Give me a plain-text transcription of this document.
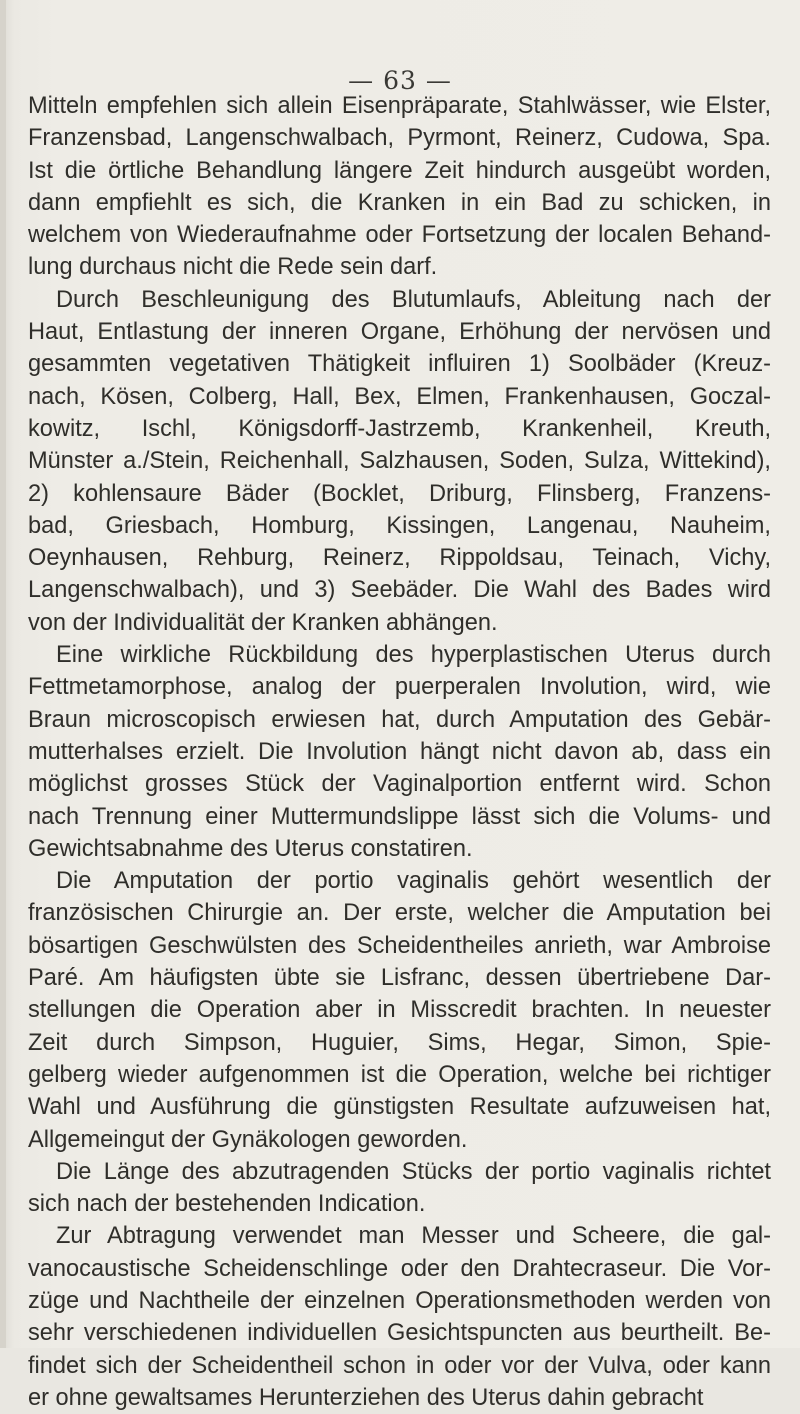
— 63 —
Mitteln empfehlen sich allein Eisenpräparate, Stahlwässer, wie Elster,
Franzensbad, Langenschwalbach, Pyrmont, Reinerz, Cudowa, Spa.
Ist die örtliche Behandlung längere Zeit hindurch ausgeübt worden,
dann empfiehlt es sich, die Kranken in ein Bad zu schicken, in
welchem von Wiederaufnahme oder Fortsetzung der localen Behand-
lung durchaus nicht die Rede sein darf.
Durch Beschleunigung des Blutumlaufs, Ableitung nach der
Haut, Entlastung der inneren Organe, Erhöhung der nervösen und
gesammten vegetativen Thätigkeit influiren 1) Soolbäder (Kreuz-
nach, Kösen, Colberg, Hall, Bex, Elmen, Frankenhausen, Goczal-
kowitz, Ischl, Königsdorff-Jastrzemb, Krankenheil, Kreuth,
Münster a./Stein, Reichenhall, Salzhausen, Soden, Sulza, Wittekind),
2) kohlensaure Bäder (Bocklet, Driburg, Flinsberg, Franzens-
bad, Griesbach, Homburg, Kissingen, Langenau, Nauheim,
Oeynhausen, Rehburg, Reinerz, Rippoldsau, Teinach, Vichy,
Langenschwalbach), und 3) Seebäder. Die Wahl des Bades wird
von der Individualität der Kranken abhängen.
Eine wirkliche Rückbildung des hyperplastischen Uterus durch
Fettmetamorphose, analog der puerperalen Involution, wird, wie
Braun microscopisch erwiesen hat, durch Amputation des Gebär-
mutterhalses erzielt. Die Involution hängt nicht davon ab, dass ein
möglichst grosses Stück der Vaginalportion entfernt wird. Schon
nach Trennung einer Muttermundslippe lässt sich die Volums- und
Gewichtsabnahme des Uterus constatiren.
Die Amputation der portio vaginalis gehört wesentlich der
französischen Chirurgie an. Der erste, welcher die Amputation bei
bösartigen Geschwülsten des Scheidentheiles anrieth, war Ambroise
Paré. Am häufigsten übte sie Lisfranc, dessen übertriebene Dar-
stellungen die Operation aber in Misscredit brachten. In neuester
Zeit durch Simpson, Huguier, Sims, Hegar, Simon, Spie-
gelberg wieder aufgenommen ist die Operation, welche bei richtiger
Wahl und Ausführung die günstigsten Resultate aufzuweisen hat,
Allgemeingut der Gynäkologen geworden.
Die Länge des abzutragenden Stücks der portio vaginalis richtet
sich nach der bestehenden Indication.
Zur Abtragung verwendet man Messer und Scheere, die gal-
vanocaustische Scheidenschlinge oder den Drahtecraseur. Die Vor-
züge und Nachtheile der einzelnen Operationsmethoden werden von
sehr verschiedenen individuellen Gesichtspuncten aus beurtheilt. Be-
findet sich der Scheidentheil schon in oder vor der Vulva, oder kann
er ohne gewaltsames Herunterziehen des Uterus dahin gebracht
